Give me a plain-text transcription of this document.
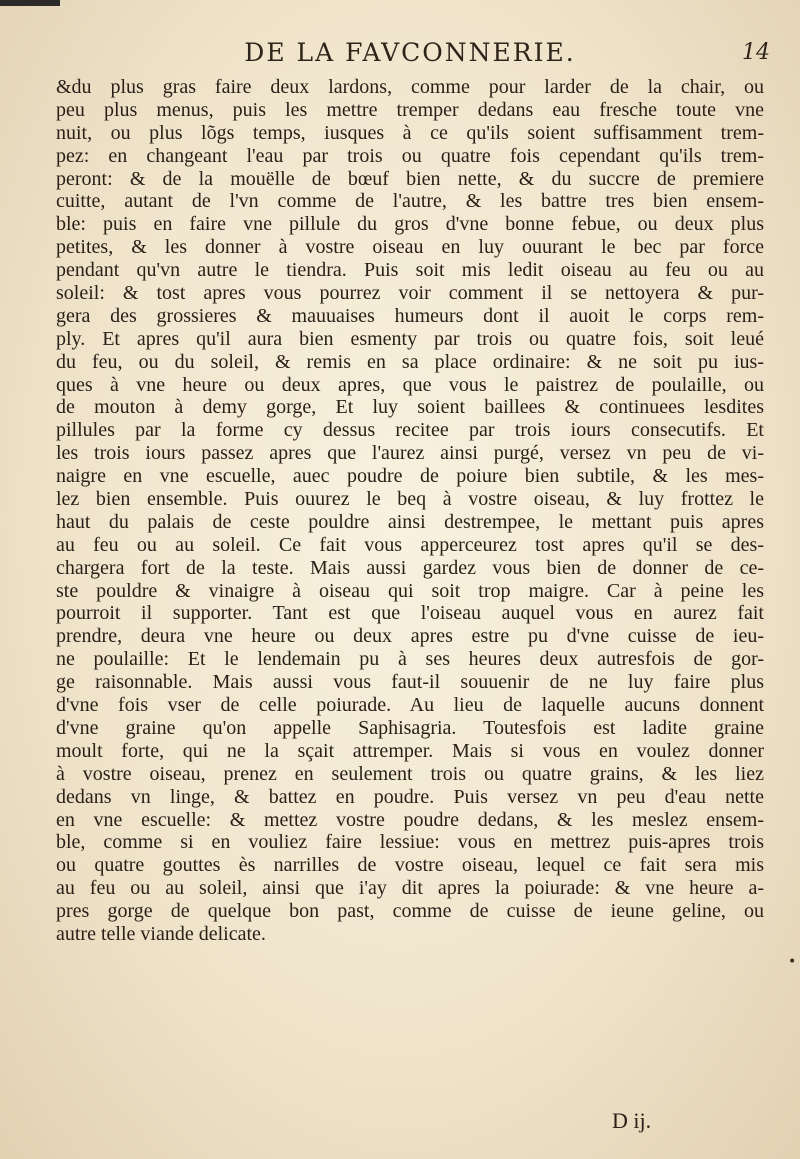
DE LA FAVCONNERIE.	14
&du plus gras faire deux lardons, comme pour larder de la chair, ou
peu plus menus, puis les mettre tremper dedans eau fresche toute vne
nuit, ou plus lõgs temps, iusques à ce qu'ils soient suffisamment trem-
pez: en changeant l'eau par trois ou quatre fois cependant qu'ils trem-
peront: & de la mouëlle de bœuf bien nette, & du succre de premiere
cuitte, autant de l'vn comme de l'autre, & les battre tres bien ensem-
ble: puis en faire vne pillule du gros d'vne bonne febue, ou deux plus
petites, & les donner à vostre oiseau en luy ouurant le bec par force
pendant qu'vn autre le tiendra. Puis soit mis ledit oiseau au feu ou au
soleil: & tost apres vous pourrez voir comment il se nettoyera & pur-
gera des grossieres & mauuaises humeurs dont il auoit le corps rem-
ply. Et apres qu'il aura bien esmenty par trois ou quatre fois, soit leué
du feu, ou du soleil, & remis en sa place ordinaire: & ne soit pu ius-
ques à vne heure ou deux apres, que vous le paistrez de poulaille, ou
de mouton à demy gorge, Et luy soient baillees & continuees lesdites
pillules par la forme cy dessus recitee par trois iours consecutifs. Et
les trois iours passez apres que l'aurez ainsi purgé, versez vn peu de vi-
naigre en vne escuelle, auec poudre de poiure bien subtile, & les mes-
lez bien ensemble. Puis ouurez le beq à vostre oiseau, & luy frottez le
haut du palais de ceste pouldre ainsi destrempee, le mettant puis apres
au feu ou au soleil. Ce fait vous apperceurez tost apres qu'il se des-
chargera fort de la teste. Mais aussi gardez vous bien de donner de ce-
ste pouldre & vinaigre à oiseau qui soit trop maigre. Car à peine les
pourroit il supporter. Tant est que l'oiseau auquel vous en aurez fait
prendre, deura vne heure ou deux apres estre pu d'vne cuisse de ieu-
ne poulaille: Et le lendemain pu à ses heures deux autresfois de gor-
ge raisonnable. Mais aussi vous faut-il souuenir de ne luy faire plus
d'vne fois vser de celle poiurade. Au lieu de laquelle aucuns donnent
d'vne graine qu'on appelle Saphisagria. Toutesfois est ladite graine
moult forte, qui ne la sçait attremper. Mais si vous en voulez donner
à vostre oiseau, prenez en seulement trois ou quatre grains, & les liez
dedans vn linge, & battez en poudre. Puis versez vn peu d'eau nette
en vne escuelle: & mettez vostre poudre dedans, & les meslez ensem-
ble, comme si en vouliez faire lessiue: vous en mettrez puis-apres trois
ou quatre gouttes ès narrilles de vostre oiseau, lequel ce fait sera mis
au feu ou au soleil, ainsi que i'ay dit apres la poiurade: & vne heure a-
pres gorge de quelque bon past, comme de cuisse de ieune geline, ou
autre telle viande delicate.
•
D ij.
